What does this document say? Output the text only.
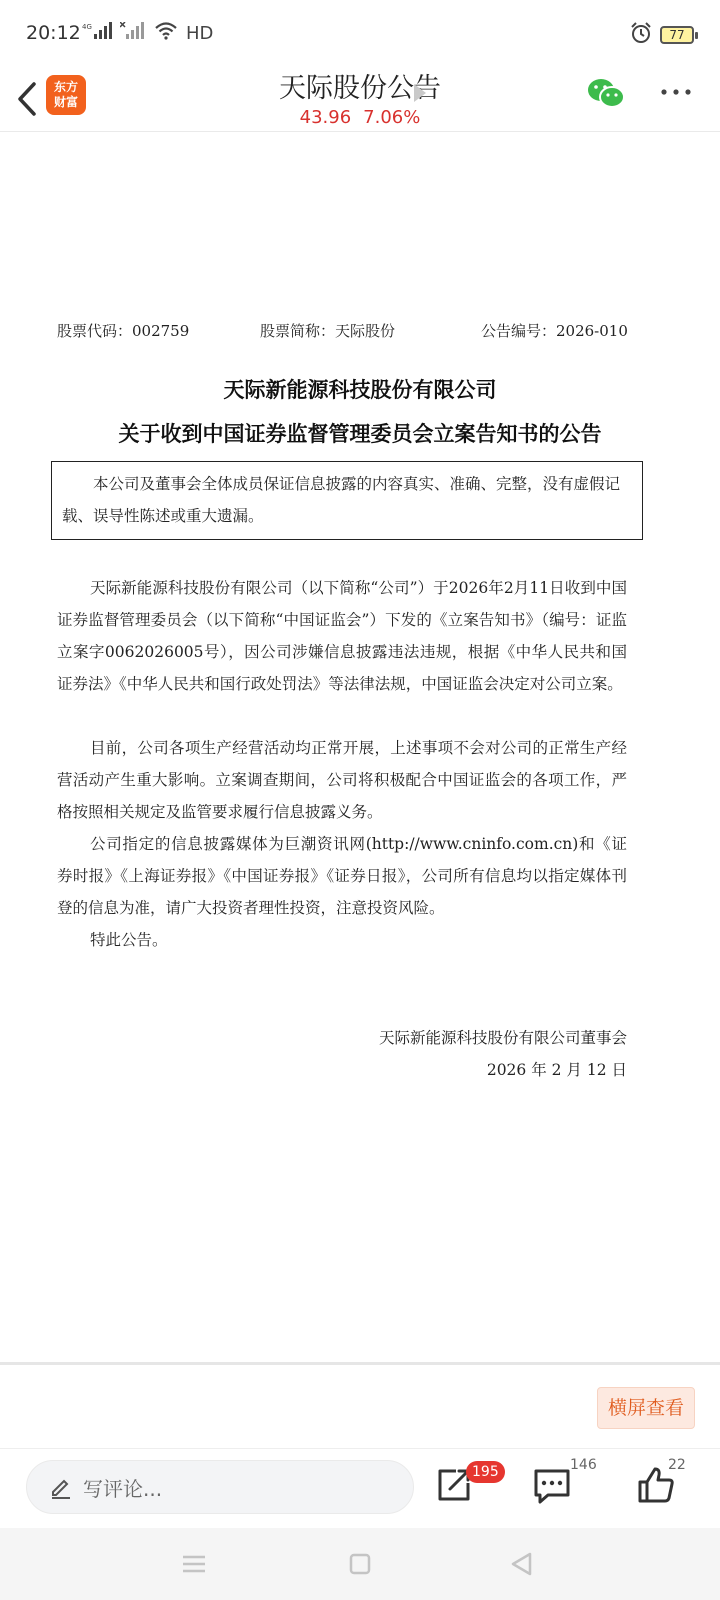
20:12 4G	HD	77
东方
财富	天际股份公告
43.96 7.06%
股票代码：002759	股票简称：天际股份	公告编号：2026-010
天际新能源科技股份有限公司
关于收到中国证券监督管理委员会立案告知书的公告
本公司及董事会全体成员保证信息披露的内容真实、准确、完整，没有虚假记载、误导性陈述或重大遗漏。
天际新能源科技股份有限公司（以下简称“公司”）于2026年2月11日收到中国证券监督管理委员会（以下简称“中国证监会”）下发的《立案告知书》（编号：证监立案字0062026005号），因公司涉嫌信息披露违法违规，根据《中华人民共和国证券法》《中华人民共和国行政处罚法》等法律法规，中国证监会决定对公司立案。
目前，公司各项生产经营活动均正常开展，上述事项不会对公司的正常生产经营活动产生重大影响。立案调查期间，公司将积极配合中国证监会的各项工作，严格按照相关规定及监管要求履行信息披露义务。
公司指定的信息披露媒体为巨潮资讯网(http://www.cninfo.com.cn)和《证券时报》《上海证券报》《中国证券报》《证券日报》，公司所有信息均以指定媒体刊登的信息为准，请广大投资者理性投资，注意投资风险。
特此公告。
天际新能源科技股份有限公司董事会
2026 年 2 月 12 日
横屏查看
写评论...
195	146	22
